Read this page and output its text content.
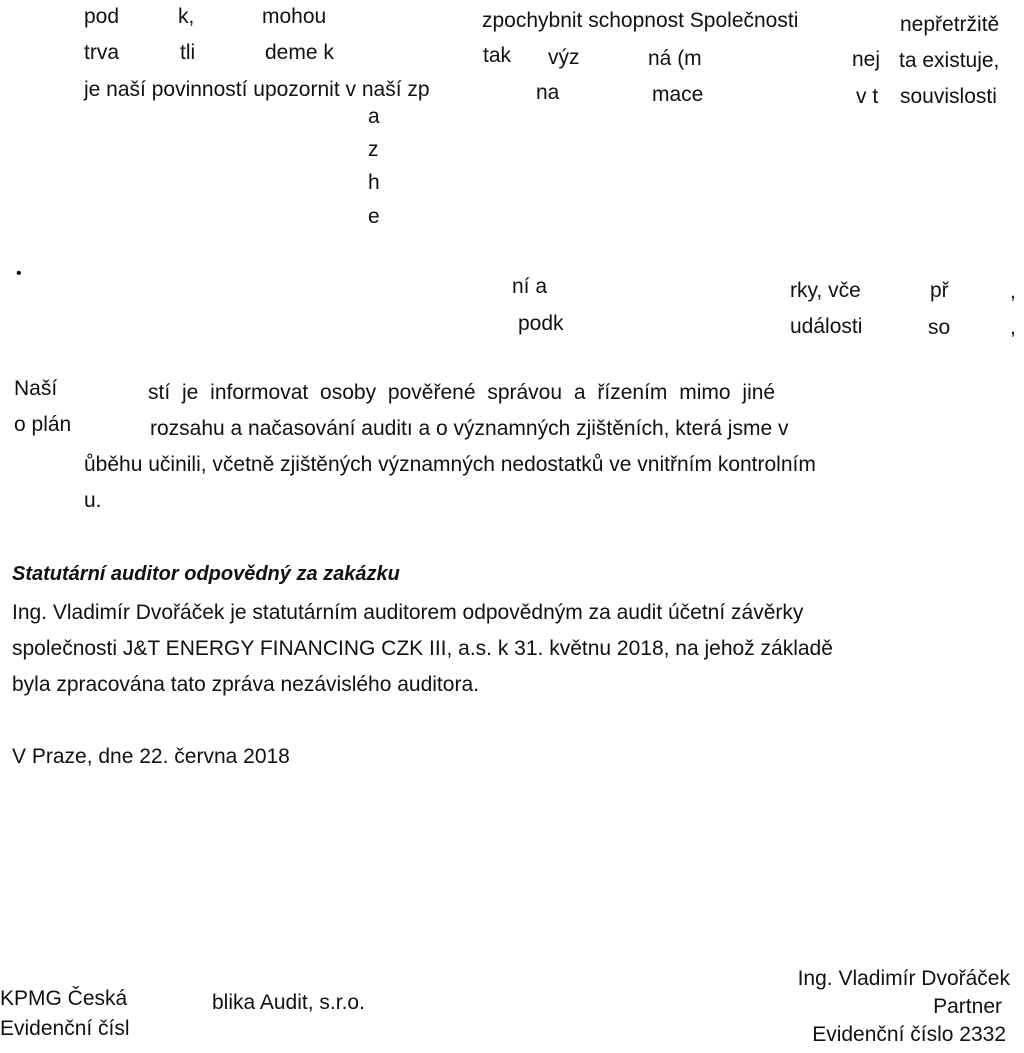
pod	k,	mohou	zpochybnit schopnost Společnosti	nepřetržitě
trva	tli	deme k	tak výz	ná (m	nej ta existuje,
je naší povinností upozornit v naší zp	na	mace	v t souvislosti
a
z
h
e
•
ní a	rky, vče	př	,
podk	události	so	,
Naší	stí je informovat osoby pověřené správou a řízením mimo jiné
o plán	rozsahu a načasování auditı a o významných zjištěních, která jsme v
ůběhu učinili, včetně zjištěných významných nedostatků ve vnitřním kontrolním
u.
Statutární auditor odpovědný za zakázku
Ing. Vladimír Dvořáček je statutárním auditorem odpovědným za audit účetní závěrky
společnosti J&T ENERGY FINANCING CZK III, a.s. k 31. květnu 2018, na jehož základě
byla zpracována tato zpráva nezávislého auditora.
V Praze, dne 22. června 2018
KPMG Česká	blika Audit, s.r.o.
Evidenční čísl
Ing. Vladimír Dvořáček
Partner
Evidenční číslo 2332
